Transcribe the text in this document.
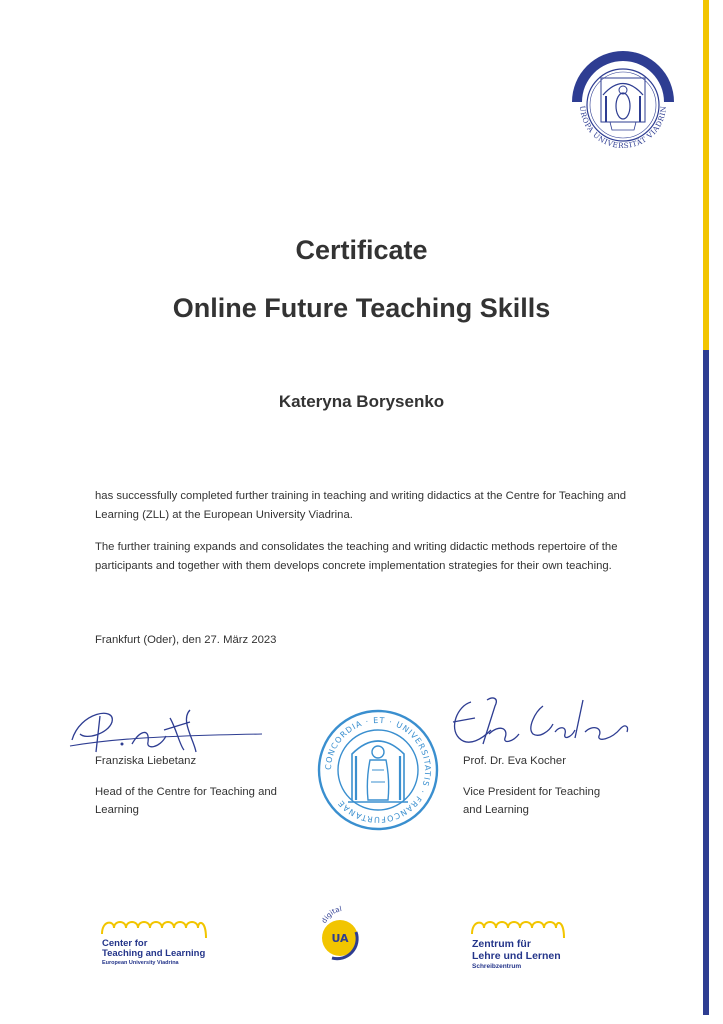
UROPA UNIVERSITÄT VIADRIN
Certificate
Online Future Teaching Skills
Kateryna Borysenko
has successfully completed further training in teaching and writing didactics at the Centre for Teaching and Learning (ZLL) at the European University Viadrina.
The further training expands and consolidates the teaching and writing didactic methods repertoire of the participants and together with them develops concrete implementation strategies for their own teaching.
Frankfurt (Oder), den 27. März 2023
CONCORDIA · ET · UNIVERSITATIS · FRANCOFURTANAE
Franziska Liebetanz
Head of the Centre for Teaching and Learning
Prof. Dr. Eva Kocher
Vice President for Teaching and Learning
Center for
Teaching and Learning
European University Viadrina
digital
UA	Zentrum für
Lehre und Lernen
Schreibzentrum
